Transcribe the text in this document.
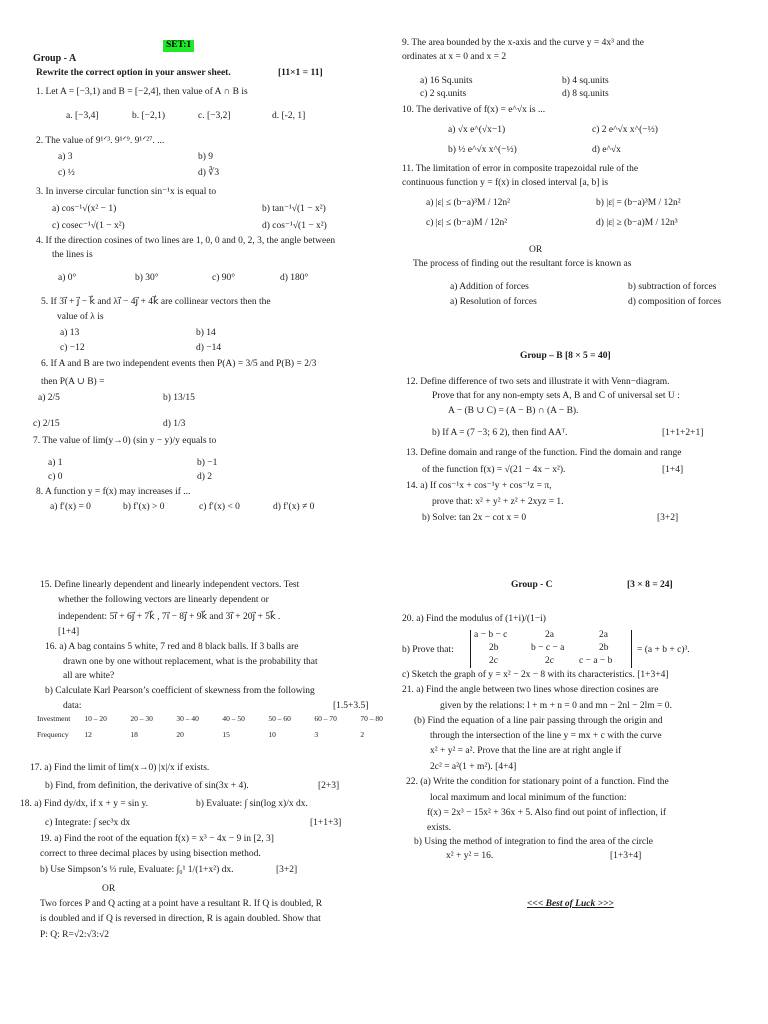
SET:1
Group - A
Rewrite the correct option in your answer sheet.	[11×1 = 11]
1. Let A = [−3,1) and B = [−2,4], then value of A ∩ B is
a. [−3,4]	b. [−2,1)	c. [−3,2]	d. [-2, 1]
2. The value of 9¹ᐟ³. 9¹ᐟ⁹. 9¹ᐟ²⁷. ...
a) 3	b) 9
c) ½	d) ∛3
3. In inverse circular function sin⁻¹x is equal to
a) cos⁻¹√(x² − 1)	b) tan⁻¹√(1 − x²)
c) cosec⁻¹√(1 − x²)	d) cos⁻¹√(1 − x²)
4. If the direction cosines of two lines are 1, 0, 0 and 0, 2, 3, the angle between
the lines is
a) 0°	b) 30°	c) 90°	d) 180°
5. If 3i⃗ + j⃗ − k⃗ and λi⃗ − 4j⃗ + 4k⃗ are collinear vectors then the
value of λ is
a) 13	b) 14
c) −12	d) −14
6. If A and B are two independent events then P(A) = 3/5 and P(B) = 2/3
then P(A ∪ B) =
a) 2/5	b) 13/15
c) 2/15	d) 1/3
7. The value of lim(y→0) (sin y − y)/y equals to
a) 1	b) −1
c) 0	d) 2
8. A function y = f(x) may increases if ...
a) f′(x) = 0	b) f′(x) > 0	c) f′(x) < 0	d) f′(x) ≠ 0
9. The area bounded by the x-axis and the curve y = 4x³ and the
ordinates at x = 0 and x = 2
a) 16 Sq.units	b) 4 sq.units
c) 2 sq.units	d) 8 sq.units
10. The derivative of f(x) = e^√x is ...
a) √x e^(√x−1)	c) 2 e^√x x^(−½)
b) ½ e^√x x^(−½)	d) e^√x
11. The limitation of error in composite trapezoidal rule of the
continuous function y = f(x) in closed interval [a, b] is
a) |ε| ≤ (b−a)³M / 12n²	b) |ε| = (b−a)³M / 12n²
c) |ε| ≤ (b−a)M / 12n²	d) |ε| ≥ (b−a)M / 12n³
OR
The process of finding out the resultant force is known as
a) Addition of forces	b) subtraction of forces
a) Resolution of forces	d) composition of forces
Group – B [8 × 5 = 40]
12. Define difference of two sets and illustrate it with Venn−diagram.
Prove that for any non-empty sets A, B and C of universal set U :
A − (B ∪ C) = (A − B) ∩ (A − B).
b) If A = (7 −3; 6 2), then find AAᵀ.	[1+1+2+1]
13. Define domain and range of the function. Find the domain and range
of the function f(x) = √(21 − 4x − x²).	[1+4]
14. a) If cos⁻¹x + cos⁻¹y + cos⁻¹z = π,
prove that: x² + y² + z² + 2xyz = 1.
b) Solve: tan 2x − cot x = 0	[3+2]
15. Define linearly dependent and linearly independent vectors. Test
whether the following vectors are linearly dependent or
independent: 5i⃗ + 6j⃗ + 7k⃗ , 7i⃗ − 8j⃗ + 9k⃗ and 3i⃗ + 20j⃗ + 5k⃗ .
[1+4]
16. a) A bag contains 5 white, 7 red and 8 black balls. If 3 balls are
drawn one by one without replacement, what is the probability that
all are white?
b) Calculate Karl Pearson’s coefficient of skewness from the following
data:	[1.5+3.5]
Investment	10 – 20	20 – 30	30 – 40	40 – 50	50 – 60	60 – 70	70 – 80
Frequency	12	18	20	15	10	3	2
17. a) Find the limit of lim(x→0) |x|/x if exists.
b) Find, from definition, the derivative of sin(3x + 4).	[2+3]
18. a) Find dy/dx, if x + y = sin y.	b) Evaluate: ∫ sin(log x)/x dx.
c) Integrate: ∫ sec³x dx	[1+1+3]
19. a) Find the root of the equation f(x) = x³ − 4x − 9 in [2, 3]
correct to three decimal places by using bisection method.
b) Use Simpson’s ⅓ rule, Evaluate: ∫₀¹ 1/(1+x²) dx.	[3+2]
OR
Two forces P and Q acting at a point have a resultant R. If Q is doubled, R
is doubled and if Q is reversed in direction, R is again doubled. Show that
P: Q: R=√2:√3:√2
Group - C	[3 × 8 = 24]
20. a) Find the modulus of (1+i)/(1−i)
b) Prove that:
a − b − c	2a	2a
2b	b − c − a	2b
2c	2c	c − a − b
= (a + b + c)³.
c) Sketch the graph of y = x² − 2x − 8 with its characteristics. [1+3+4]
21. a) Find the angle between two lines whose direction cosines are
given by the relations: l + m + n = 0 and mn − 2nl − 2lm = 0.
(b) Find the equation of a line pair passing through the origin and
through the intersection of the line y = mx + c with the curve
x² + y² = a². Prove that the line are at right angle if
2c² = a²(1 + m²). [4+4]
22. (a) Write the condition for stationary point of a function. Find the
local maximum and local minimum of the function:
f(x) = 2x³ − 15x² + 36x + 5. Also find out point of inflection, if
exists.
b) Using the method of integration to find the area of the circle
x² + y² = 16.	[1+3+4]
<<< Best of Luck >>>
